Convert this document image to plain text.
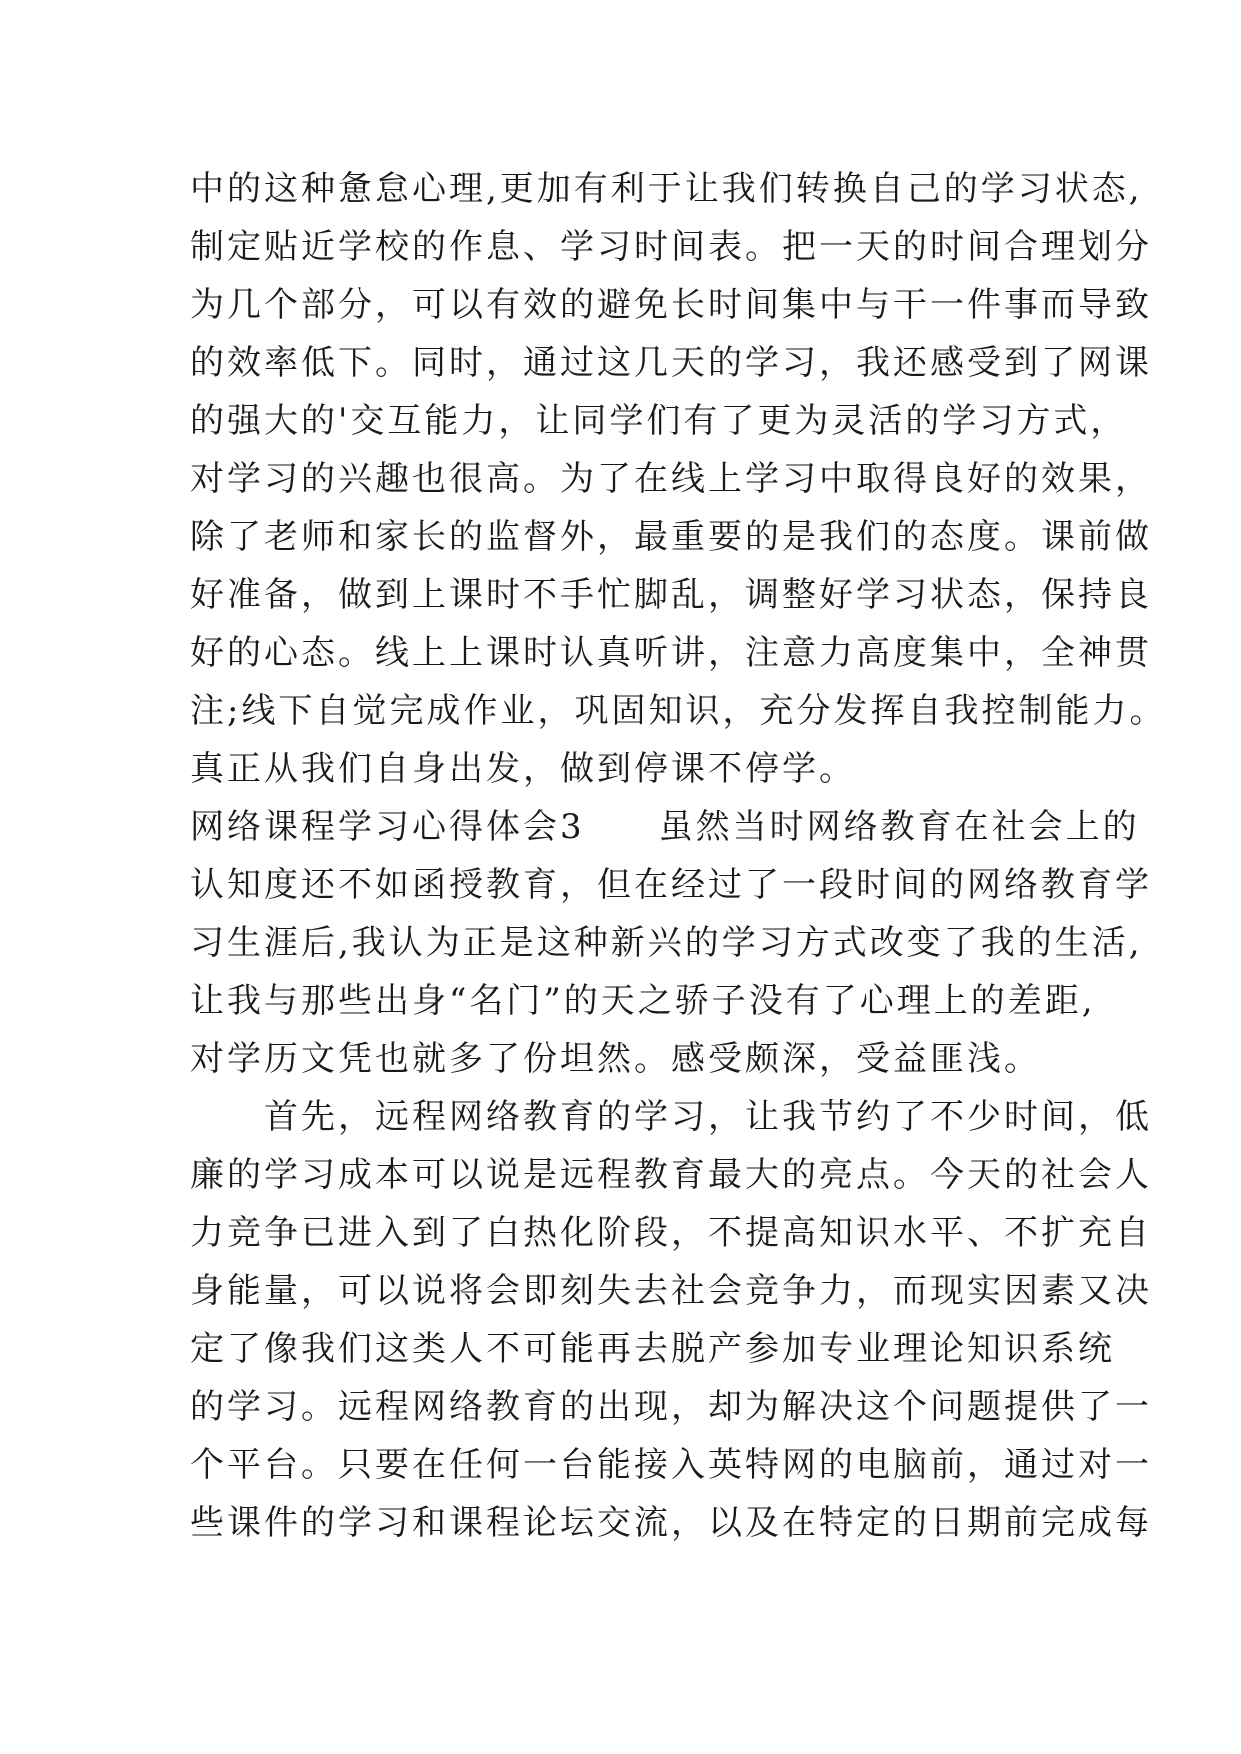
中的这种惫怠心理,更加有利于让我们转换自己的学习状态,
制定贴近学校的作息、学习时间表。把一天的时间合理划分
为几个部分，可以有效的避免长时间集中与干一件事而导致
的效率低下。同时，通过这几天的学习，我还感受到了网课
的强大的'交互能力，让同学们有了更为灵活的学习方式，
对学习的兴趣也很高。为了在线上学习中取得良好的效果，
除了老师和家长的监督外，最重要的是我们的态度。课前做
好准备，做到上课时不手忙脚乱，调整好学习状态，保持良
好的心态。线上上课时认真听讲，注意力高度集中，全神贯
注;线下自觉完成作业，巩固知识，充分发挥自我控制能力。
真正从我们自身出发，做到停课不停学。
网络课程学习心得体会3　　虽然当时网络教育在社会上的
认知度还不如函授教育，但在经过了一段时间的网络教育学
习生涯后,我认为正是这种新兴的学习方式改变了我的生活,
让我与那些出身“名门”的天之骄子没有了心理上的差距,
对学历文凭也就多了份坦然。感受颇深，受益匪浅。
　　首先，远程网络教育的学习，让我节约了不少时间，低
廉的学习成本可以说是远程教育最大的亮点。今天的社会人
力竞争已进入到了白热化阶段，不提高知识水平、不扩充自
身能量，可以说将会即刻失去社会竞争力，而现实因素又决
定了像我们这类人不可能再去脱产参加专业理论知识系统
的学习。远程网络教育的出现，却为解决这个问题提供了一
个平台。只要在任何一台能接入英特网的电脑前，通过对一
些课件的学习和课程论坛交流，以及在特定的日期前完成每
